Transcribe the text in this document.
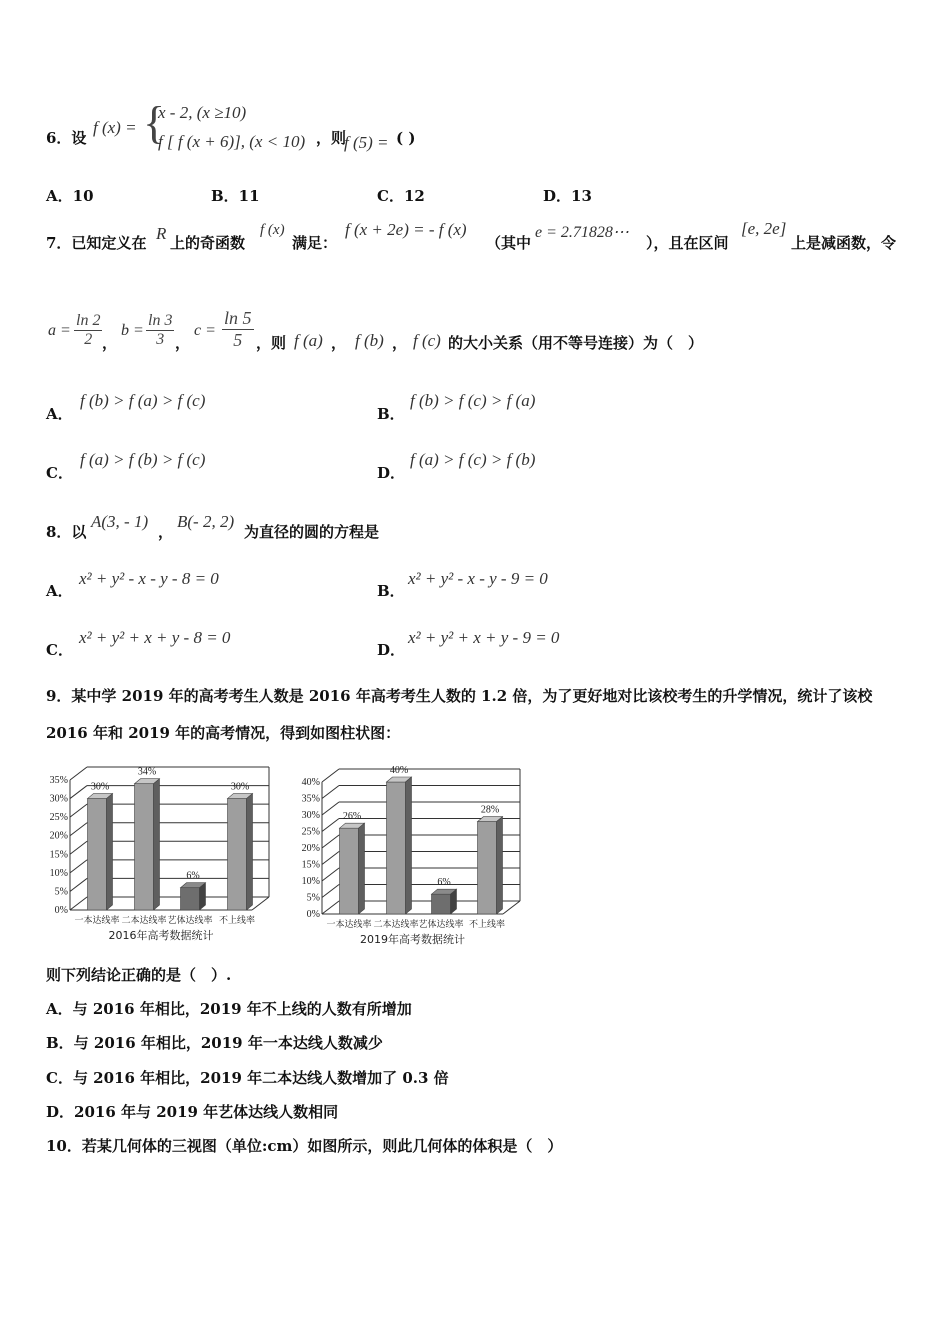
6．设
f (x) = {
x - 2, (x ≥10)
f [ f (x + 6)], (x < 10) ，则
f (5) = ( )
A．10	B．11	C．12	D．13
7．已知定义在 R 上的奇函数
f (x)
满足：
f (x + 2e) = - f (x)
（其中
e = 2.71828⋯
），且在区间
[e, 2e]
上是减函数，令
$a = \frac{\ln 2}{2}$ ，
$b = \frac{\ln 3}{3}$ ，
$c = \frac{\ln 5}{5}$ ，则 f (a) ， f (b) ， f (c) 的大小关系（用不等号连接）为（　）
A．
f (b) > f (a) > f (c)
B．
f (b) > f (c) > f (a)
C．
f (a) > f (b) > f (c)
D．
f (a) > f (c) > f (b)
8．以
A(3, - 1)
，
B(- 2, 2)
为直径的圆的方程是
A．
x² + y² - x - y - 8 = 0
B．
x² + y² - x - y - 9 = 0
C．
x² + y² + x + y - 8 = 0
D．
x² + y² + x + y - 9 = 0
9．某中学 2019 年的高考考生人数是 2016 年高考考生人数的 1.2 倍，为了更好地对比该校考生的升学情况，统计了该校
2016 年和 2019 年的高考情况，得到如图柱状图：
0%
5%
10%
15%
20%
25%
30%
35%
30%
一本达线率
34%
二本达线率
6%
艺体达线率
30%
不上线率
2016年高考数据统计
0%
5%
10%
15%
20%
25%
30%
35%
40%
26%
一本达线率
40%
二本达线率
6%
艺体达线率
28%
不上线率
2019年高考数据统计
则下列结论正确的是（　）.
A．与 2016 年相比，2019 年不上线的人数有所增加
B．与 2016 年相比，2019 年一本达线人数减少
C．与 2016 年相比，2019 年二本达线人数增加了 0.3 倍
D．2016 年与 2019 年艺体达线人数相同
10．若某几何体的三视图（单位:cm）如图所示，则此几何体的体积是（　）
